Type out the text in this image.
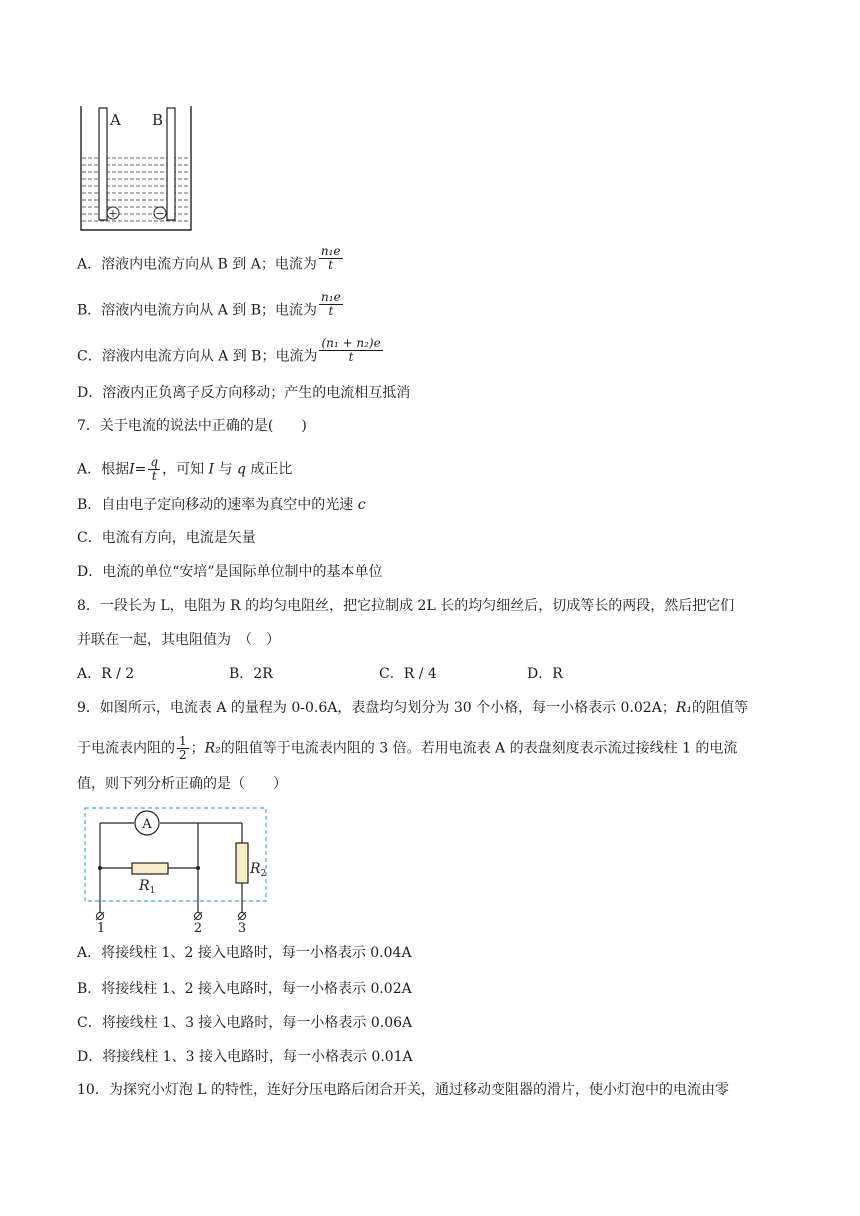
+	−
A B
A．溶液内电流方向从 B 到 A；电流为 $\frac{\text{n₁e}}{t}$
B．溶液内电流方向从 A 到 B；电流为 $\frac{\text{n₁e}}{t}$
C．溶液内电流方向从 A 到 B；电流为 $\frac{\text{(n₁ + n₂)e}}{t}$
D．溶液内正负离子反方向移动；产生的电流相互抵消
7．关于电流的说法中正确的是(　　)
A．根据$I= \frac{q}{t}$ ，可知 I 与 q 成正比
B．自由电子定向移动的速率为真空中的光速 c
C．电流有方向，电流是矢量
D．电流的单位“安培”是国际单位制中的基本单位
8．一段长为 L，电阻为 R 的均匀电阻丝，把它拉制成 2L 长的均匀细丝后，切成等长的两段，然后把它们
并联在一起，其电阻值为　（　）
A．R / 2	B．2R	C．R / 4	D．R
9．如图所示，电流表 A 的量程为 0-0.6A，表盘均匀划分为 30 个小格，每一小格表示 0.02A；R₁的阻值等
于电流表内阻的 $\frac{1}{2}$ ；R₂的阻值等于电流表内阻的 3 倍。若用电流表 A 的表盘刻度表示流过接线柱 1 的电流
值，则下列分析正确的是（　　）
A
$R_1$
$R_2$
1	2	3
A．将接线柱 1、2 接入电路时，每一小格表示 0.04A
B．将接线柱 1、2 接入电路时，每一小格表示 0.02A
C．将接线柱 1、3 接入电路时，每一小格表示 0.06A
D．将接线柱 1、3 接入电路时，每一小格表示 0.01A
10．为探究小灯泡 L 的特性，连好分压电路后闭合开关，通过移动变阻器的滑片，使小灯泡中的电流由零
